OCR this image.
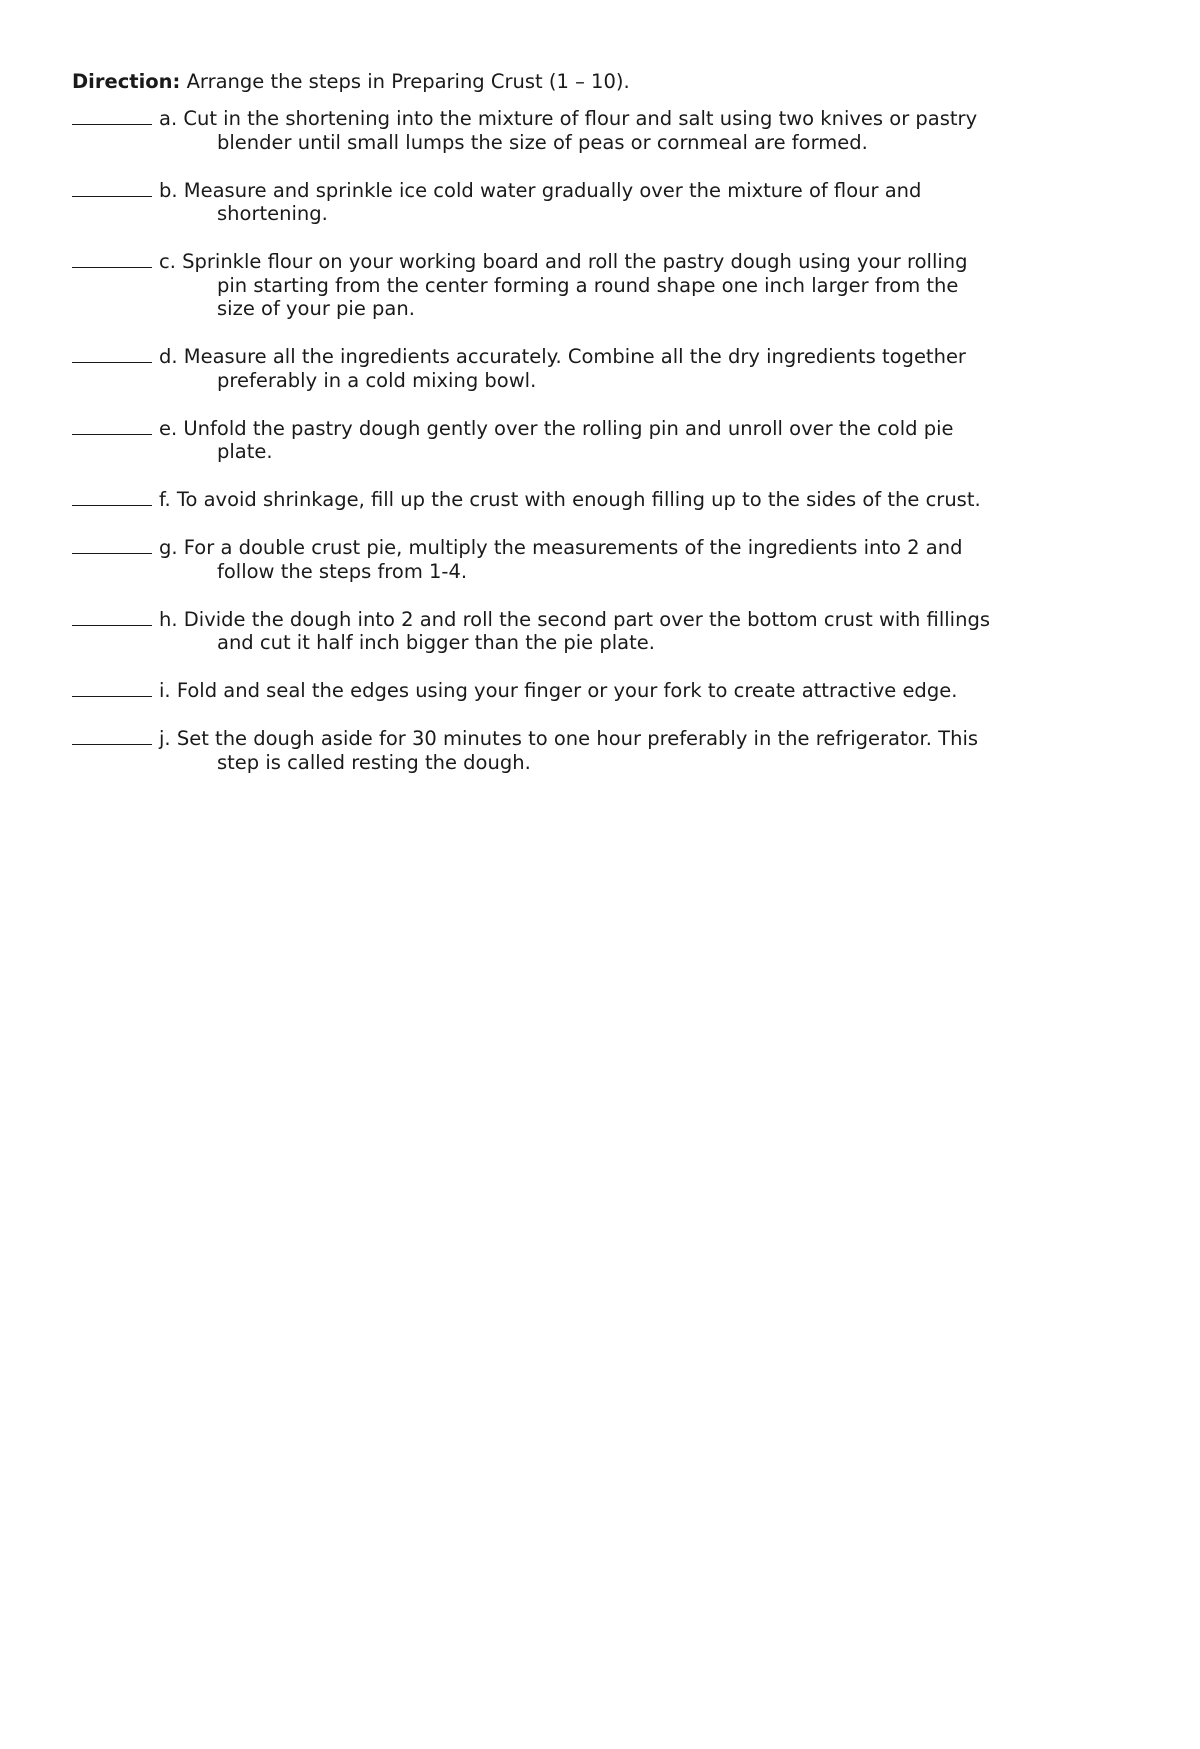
Direction: Arrange the steps in Preparing Crust (1 – 10).

a. Cut in the shortening into the mixture of flour and salt using two knives or pastry blender until small lumps the size of peas or cornmeal are formed.
b. Measure and sprinkle ice cold water gradually over the mixture of flour and shortening.
c. Sprinkle flour on your working board and roll the pastry dough using your rolling pin starting from the center forming a round shape one inch larger from the size of your pie pan.
d. Measure all the ingredients accurately. Combine all the dry ingredients together preferably in a cold mixing bowl.
e. Unfold the pastry dough gently over the rolling pin and unroll over the cold pie plate.
f. To avoid shrinkage, fill up the crust with enough filling up to the sides of the crust.
g. For a double crust pie, multiply the measurements of the ingredients into 2 and follow the steps from 1-4.
h. Divide the dough into 2 and roll the second part over the bottom crust with fillings and cut it half inch bigger than the pie plate.
i. Fold and seal the edges using your finger or your fork to create attractive edge.
j. Set the dough aside for 30 minutes to one hour preferably in the refrigerator. This step is called resting the dough.
